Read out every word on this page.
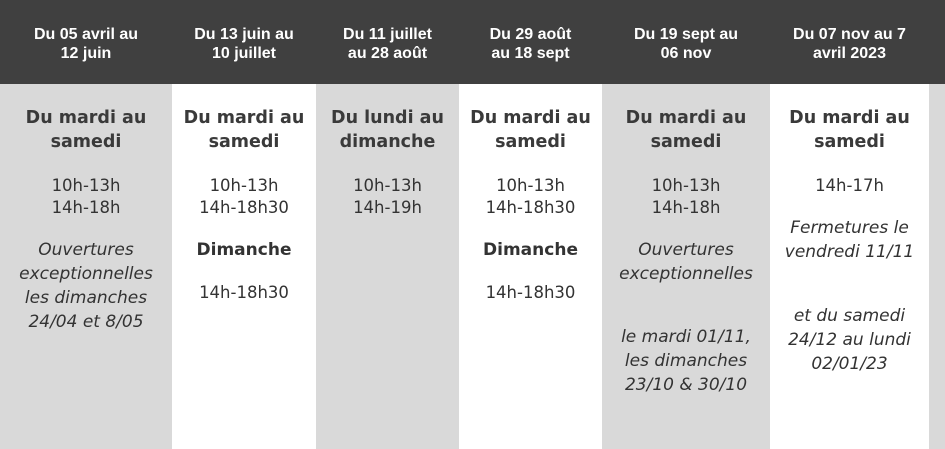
Du 05 avril au
12 juin
Du 13 juin au
10 juillet
Du 11 juillet
au 28 août
Du 29 août
au 18 sept
Du 19 sept au
06 nov
Du 07 nov au 7
avril 2023
Du mardi au
samedi
10h-13h
14h-18h
Ouvertures
exceptionnelles
les dimanches
24/04 et 8/05
Du mardi au
samedi
10h-13h
14h-18h30
Dimanche
14h-18h30
Du lundi au
dimanche
10h-13h
14h-19h
Du mardi au
samedi
10h-13h
14h-18h30
Dimanche
14h-18h30
Du mardi au
samedi
10h-13h
14h-18h
Ouvertures
exceptionnelles
le mardi 01/11,
les dimanches
23/10 & 30/10
Du mardi au
samedi
14h-17h
Fermetures le
vendredi 11/11
et du samedi
24/12 au lundi
02/01/23
